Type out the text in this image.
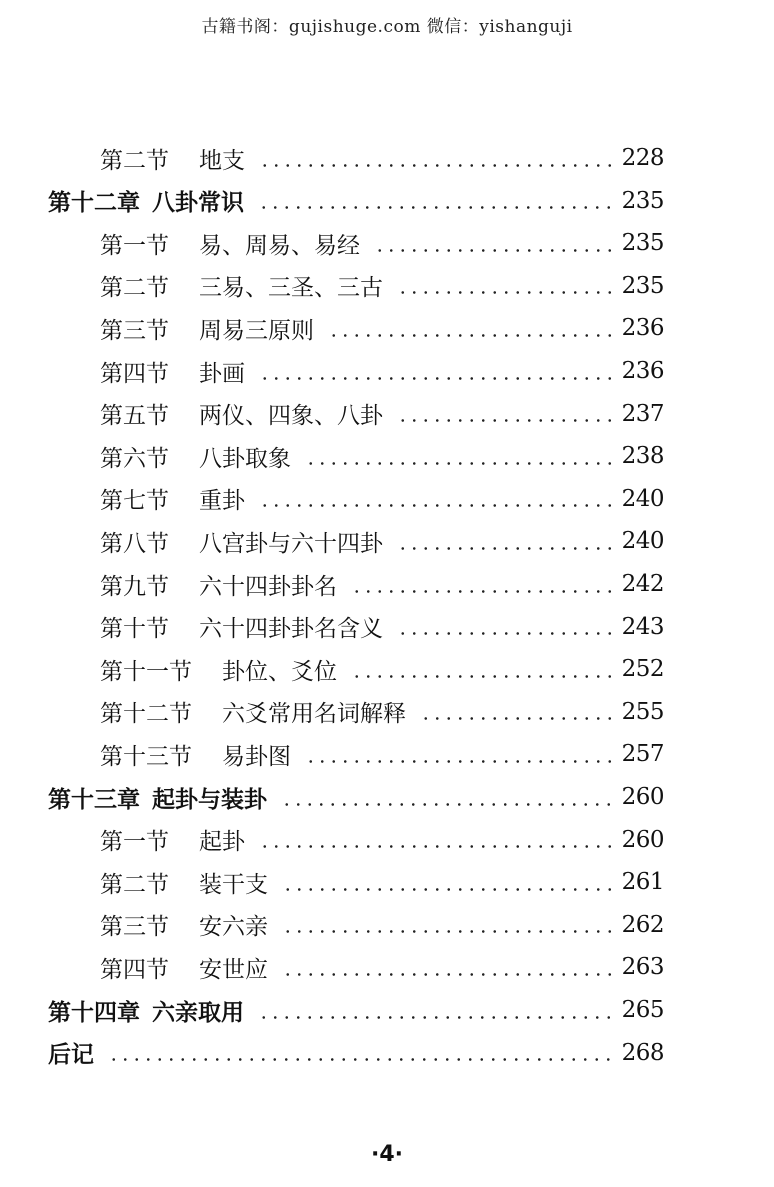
古籍书阁：gujishuge.com 微信：yishanguji
第二节 地支	228
第十二章 八卦常识	235
第一节 易、周易、易经	235
第二节 三易、三圣、三古	235
第三节 周易三原则	236
第四节 卦画	236
第五节 两仪、四象、八卦	237
第六节 八卦取象	238
第七节 重卦	240
第八节 八宫卦与六十四卦	240
第九节 六十四卦卦名	242
第十节 六十四卦卦名含义	243
第十一节 卦位、爻位	252
第十二节 六爻常用名词解释	255
第十三节 易卦图	257
第十三章 起卦与装卦	260
第一节 起卦	260
第二节 装干支	261
第三节 安六亲	262
第四节 安世应	263
第十四章 六亲取用	265
后记	268
·4·
